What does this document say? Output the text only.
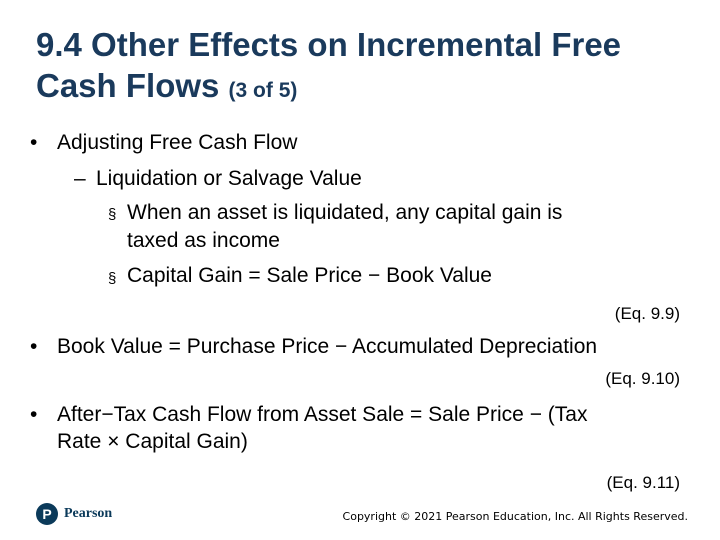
9.4 Other Effects on Incremental Free Cash Flows (3 of 5)
• Adjusting Free Cash Flow
– Liquidation or Salvage Value
§ When an asset is liquidated, any capital gain is
taxed as income
§ Capital Gain = Sale Price − Book Value
(Eq. 9.9)
• Book Value = Purchase Price − Accumulated Depreciation
(Eq. 9.10)
• After−Tax Cash Flow from Asset Sale = Sale Price − (Tax
Rate × Capital Gain)
(Eq. 9.11)
P Pearson	Copyright © 2021 Pearson Education, Inc. All Rights Reserved.
